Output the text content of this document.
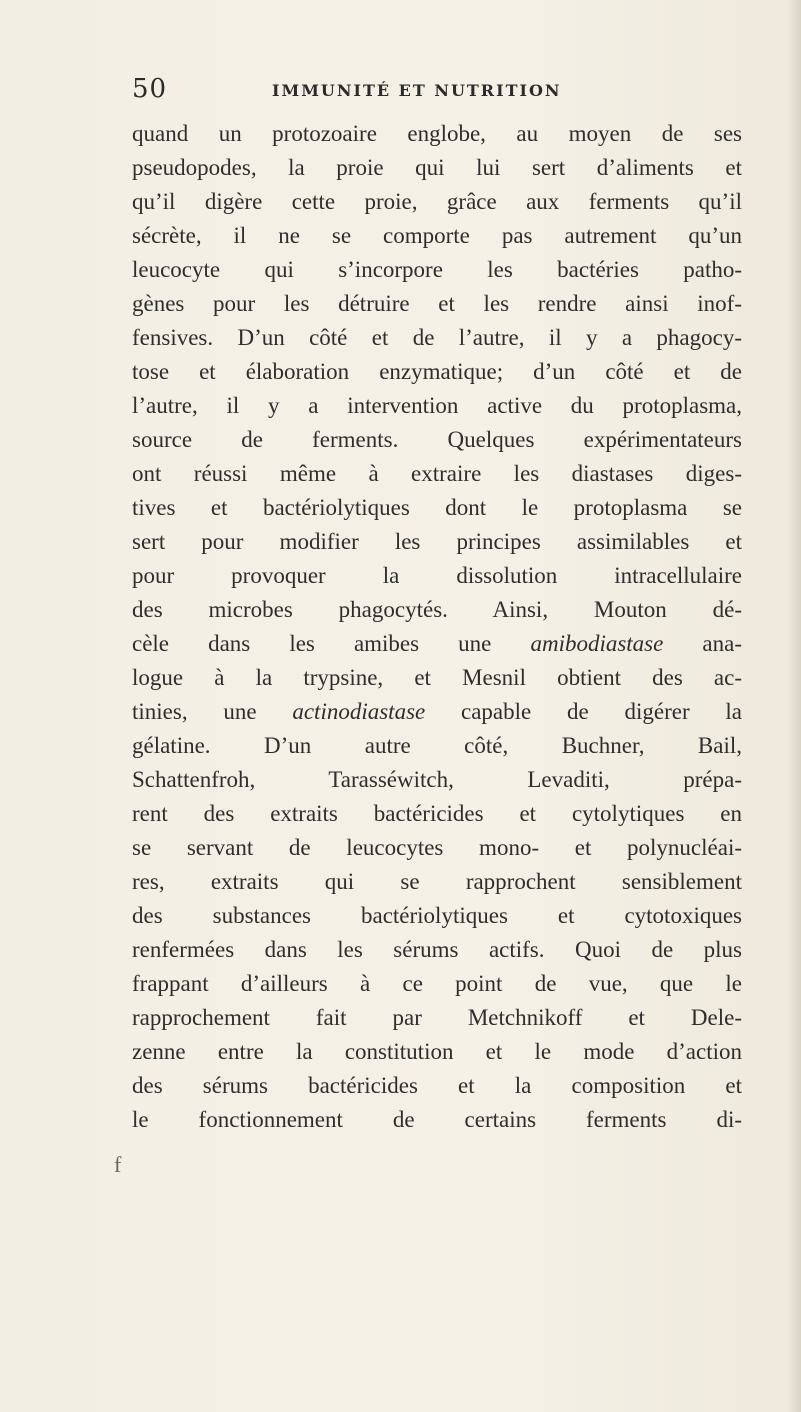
50	IMMUNITÉ ET NUTRITION
quand un protozoaire englobe, au moyen de ses
pseudopodes, la proie qui lui sert d’aliments et
qu’il digère cette proie, grâce aux ferments qu’il
sécrète, il ne se comporte pas autrement qu’un
leucocyte qui s’incorpore les bactéries patho-
gènes pour les détruire et les rendre ainsi inof-
fensives. D’un côté et de l’autre, il y a phagocy-
tose et élaboration enzymatique; d’un côté et de
l’autre, il y a intervention active du protoplasma,
source de ferments. Quelques expérimentateurs
ont réussi même à extraire les diastases diges-
tives et bactériolytiques dont le protoplasma se
sert pour modifier les principes assimilables et
pour provoquer la dissolution intracellulaire
des microbes phagocytés. Ainsi, Mouton dé-
cèle dans les amibes une amibodiastase ana-
logue à la trypsine, et Mesnil obtient des ac-
tinies, une actinodiastase capable de digérer la
gélatine. D’un autre côté, Buchner, Bail,
Schattenfroh, Tarasséwitch, Levaditi, prépa-
rent des extraits bactéricides et cytolytiques en
se servant de leucocytes mono- et polynucléai-
res, extraits qui se rapprochent sensiblement
des substances bactériolytiques et cytotoxiques
renfermées dans les sérums actifs. Quoi de plus
frappant d’ailleurs à ce point de vue, que le
rapprochement fait par Metchnikoff et Dele-
zenne entre la constitution et le mode d’action
des sérums bactéricides et la composition et
le fonctionnement de certains ferments di-
f
